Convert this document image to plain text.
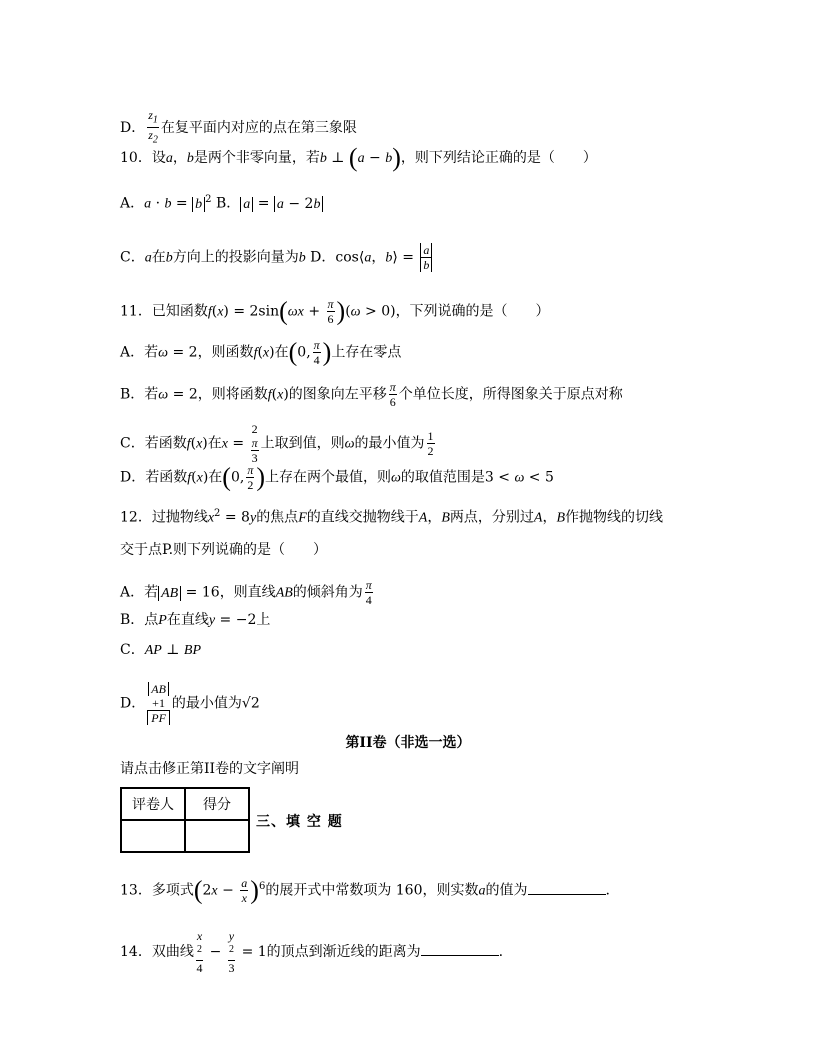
D． $\frac{z_1}{z_2}$ 在复平面内对应的点在第三象限
10．设a，b是两个非零向量，若b ⊥ (a − b)，则下列结论正确的是（　　）
A．a · b = b $^2$ B． a = a − 2b
C．a在b方向上的投影向量为b D．cos⟨a，b⟩ = $\frac{a}{b}$
11．已知函数$f(x) = 2\sin(\omega x + \frac{\pi}{6} )(\omega > 0)$，下列说确的是（　　）
A．若ω = 2，则函数f(x)在(0, $\frac{\pi}{4}$ )上存在零点
B．若ω = 2，则将函数f(x)的图象向左平移 $\frac{\pi}{6}$ 个单位长度，所得图象关于原点对称
C．若函数f(x)在x = 2
π
3 上取到值，则ω的最小值为 $\frac{1}{2}$
D．若函数f(x)在(0, $\frac{\pi}{2}$ )上存在两个最值，则ω的取值范围是3 < ω < 5
12．过抛物线$x^2 = 8y$的焦点F的直线交抛物线于A，B两点，分别过A，B作抛物线的切线
交于点P.则下列说确的是（　　）
A．若 AB = 16，则直线AB的倾斜角为 $\frac{\pi}{4}$
B．点P在直线y = −2上
C．AP ⊥ BP
D． AB
+1
PF 的最小值为√2
第II卷（非选一选）
请点击修正第II卷的文字阐明
评卷人	得分

三、填 空 题
13．多项式$(2x - \frac{a}{x} )^6$的展开式中常数项为 160，则实数a的值为	.
14．双曲线 x
$^2$
4 − y
$^2$
3 = 1的顶点到渐近线的距离为	.
